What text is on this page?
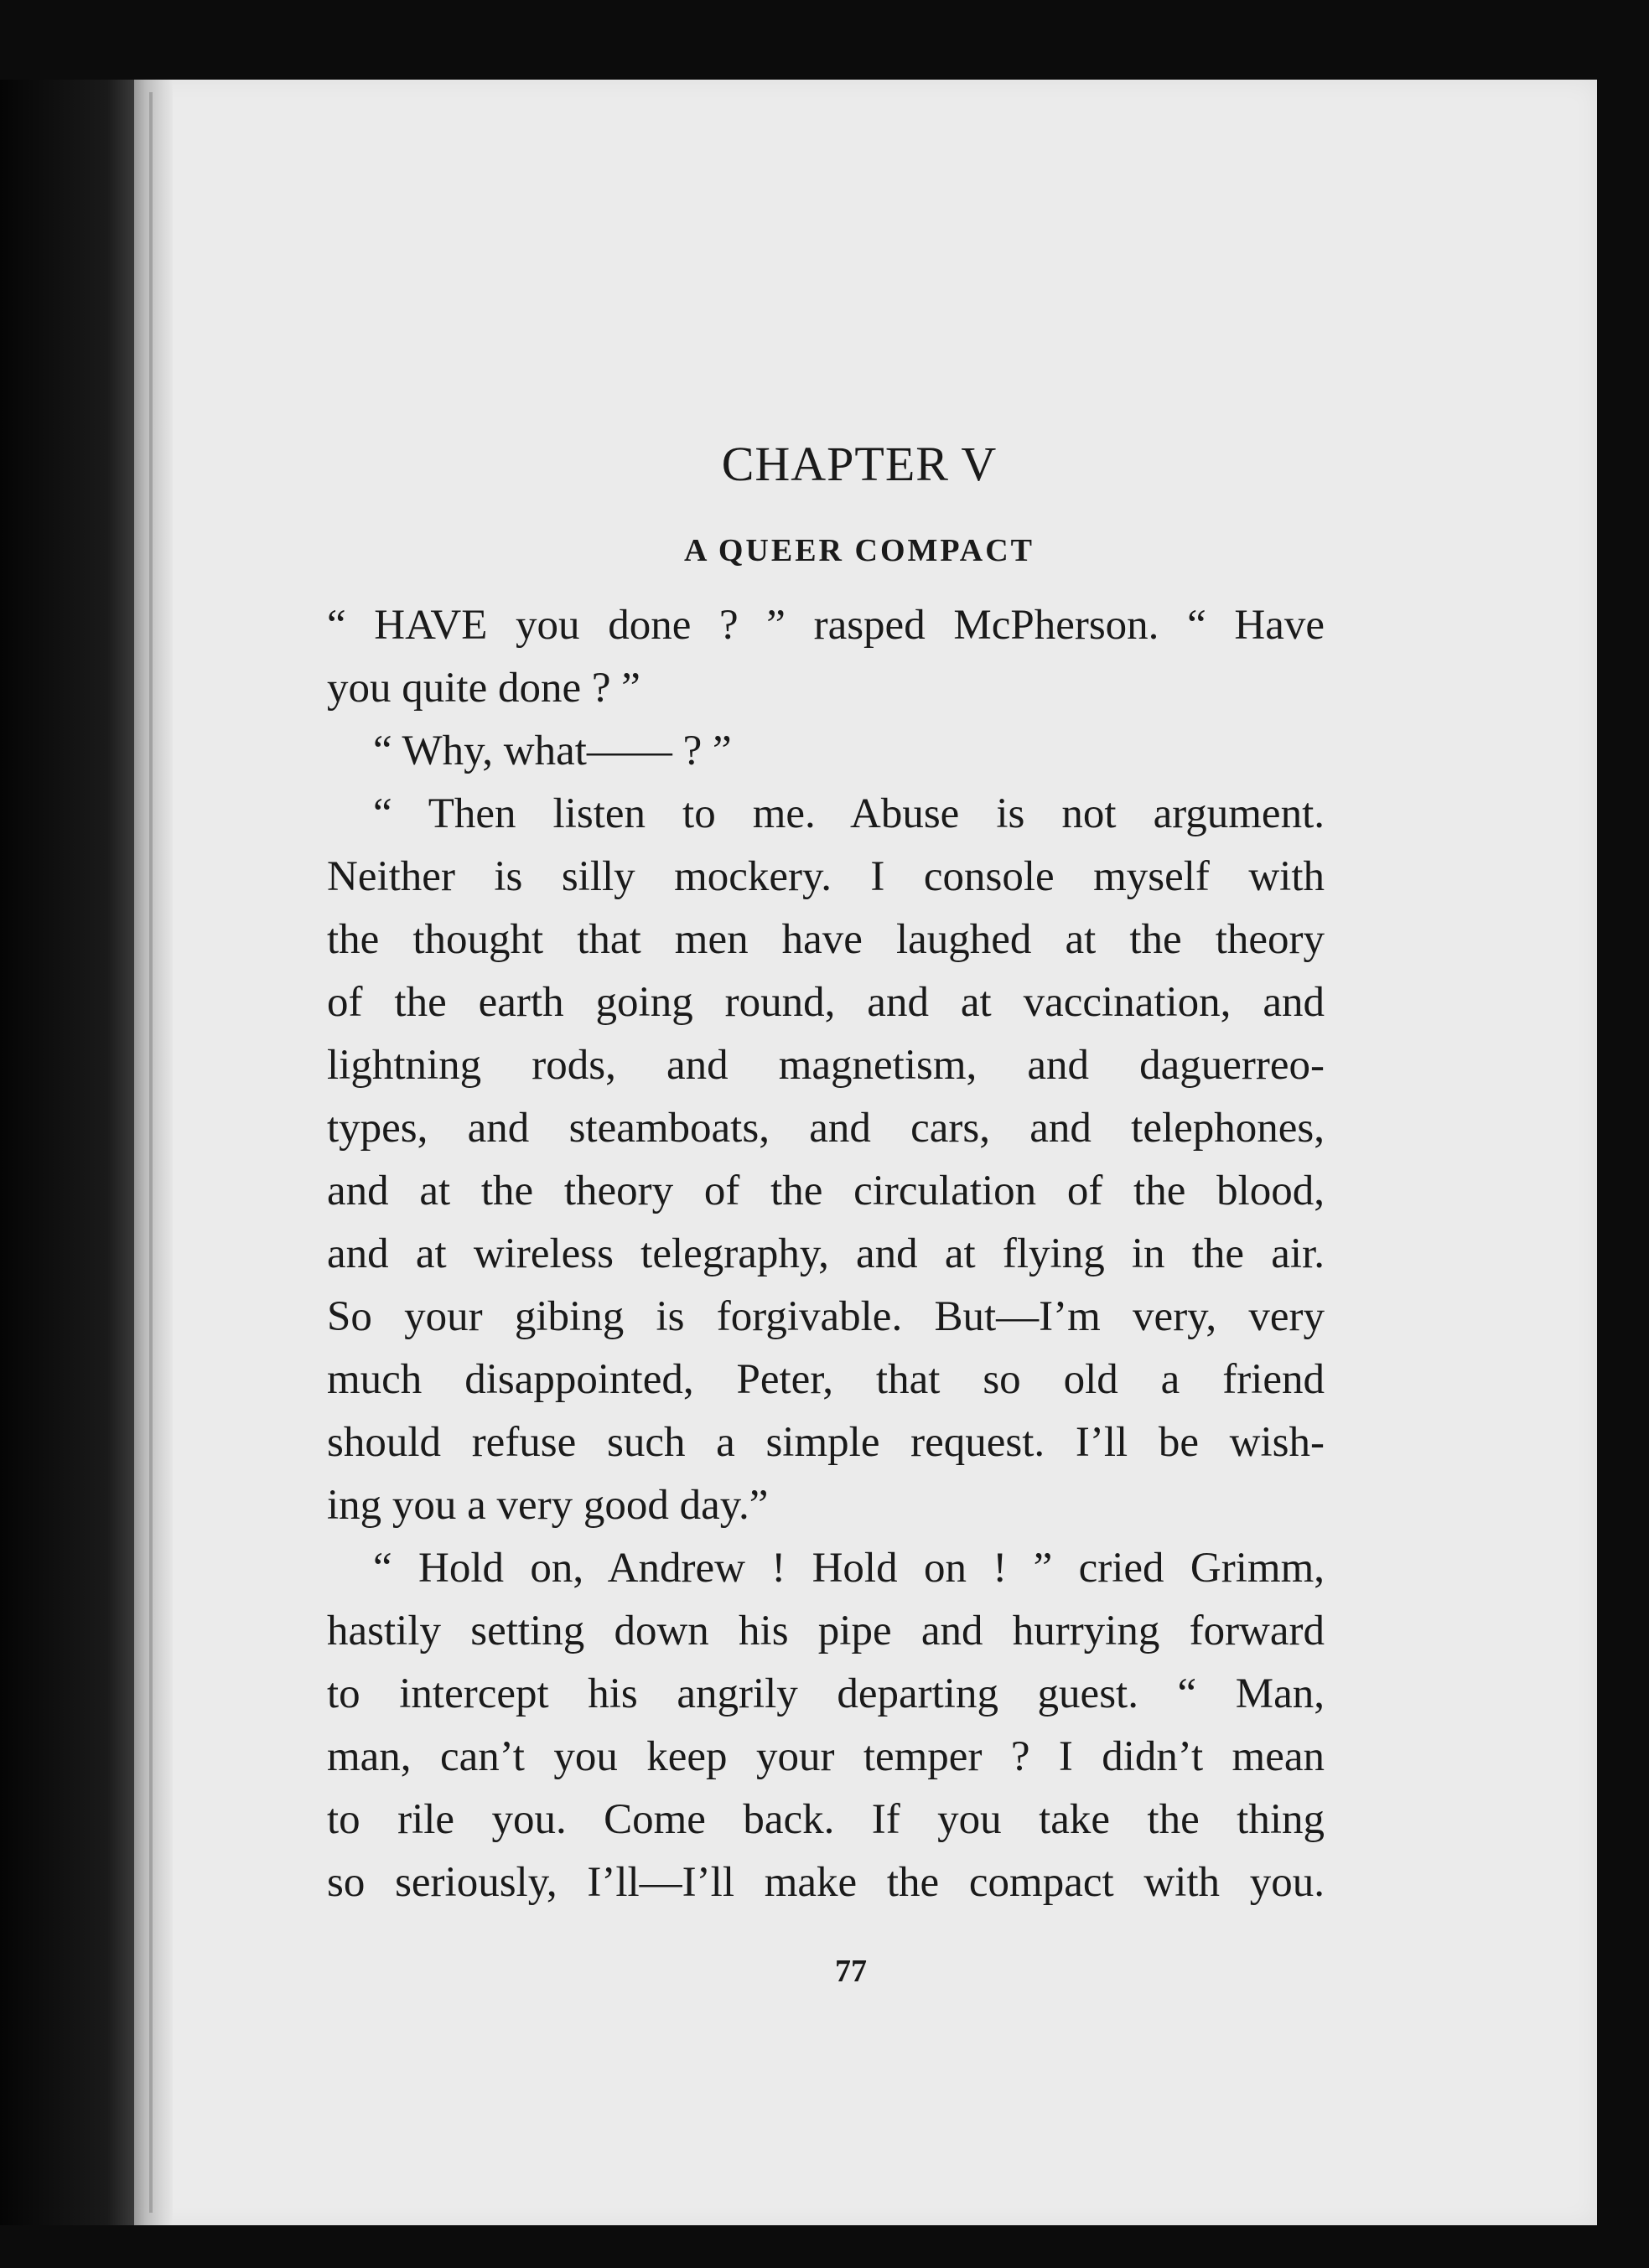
CHAPTER V
A QUEER COMPACT
“ HAVE you done ? ” rasped McPherson. “ Have
you quite done ? ”
“ Why, what—— ? ”
“ Then listen to me. Abuse is not argument.
Neither is silly mockery. I console myself with
the thought that men have laughed at the theory
of the earth going round, and at vaccination, and
lightning rods, and magnetism, and daguerreo-
types, and steamboats, and cars, and telephones,
and at the theory of the circulation of the blood,
and at wireless telegraphy, and at flying in the air.
So your gibing is forgivable. But—I’m very, very
much disappointed, Peter, that so old a friend
should refuse such a simple request. I’ll be wish-
ing you a very good day.”
“ Hold on, Andrew ! Hold on ! ” cried Grimm,
hastily setting down his pipe and hurrying forward
to intercept his angrily departing guest. “ Man,
man, can’t you keep your temper ? I didn’t mean
to rile you. Come back. If you take the thing
so seriously, I’ll—I’ll make the compact with you.
77
